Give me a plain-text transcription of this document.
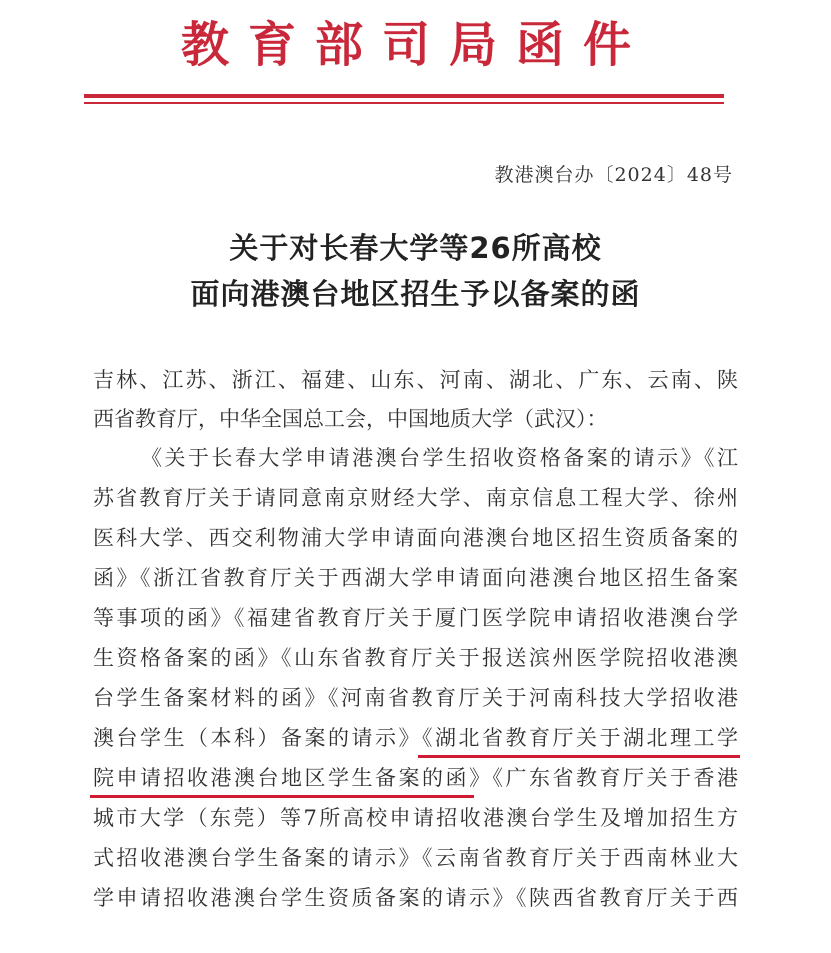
教育部司局函件
教港澳台办〔2024〕48号
关于对长春大学等26所高校
面向港澳台地区招生予以备案的函
吉林、江苏、浙江、福建、山东、河南、湖北、广东、云南、陕
西省教育厅，中华全国总工会，中国地质大学（武汉）：
《关于长春大学申请港澳台学生招收资格备案的请示》《江
苏省教育厅关于请同意南京财经大学、南京信息工程大学、徐州
医科大学、西交利物浦大学申请面向港澳台地区招生资质备案的
函》《浙江省教育厅关于西湖大学申请面向港澳台地区招生备案
等事项的函》《福建省教育厅关于厦门医学院申请招收港澳台学
生资格备案的函》《山东省教育厅关于报送滨州医学院招收港澳
台学生备案材料的函》《河南省教育厅关于河南科技大学招收港
澳台学生（本科）备案的请示》《湖北省教育厅关于湖北理工学
院申请招收港澳台地区学生备案的函》《广东省教育厅关于香港
城市大学（东莞）等7所高校申请招收港澳台学生及增加招生方
式招收港澳台学生备案的请示》《云南省教育厅关于西南林业大
学申请招收港澳台学生资质备案的请示》《陕西省教育厅关于西
